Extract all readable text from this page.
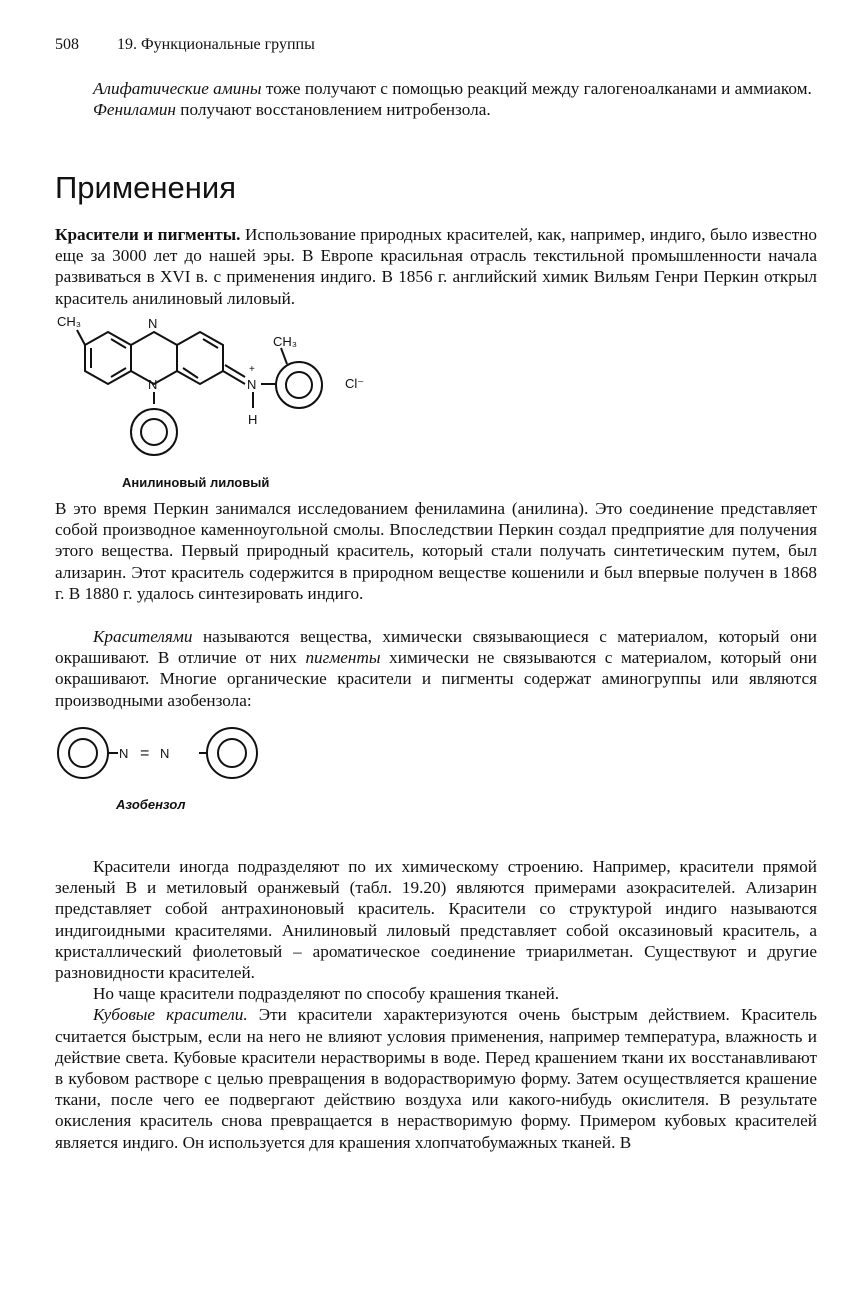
508 19. Функциональные группы

Алифатические амины тоже получают с помощью реакций между галогеноалканами и аммиаком.

Фениламин получают восстановлением нитробензола.

Применения

Красители и пигменты. Использование природных красителей, как, например, индиго, было известно еще за 3000 лет до нашей эры. В Европе красильная отрасль текстильной промышленности начала развиваться в XVI в. с применения индиго. В 1856 г. английский химик Вильям Генри Перкин открыл краситель анилиновый лиловый.

CH₃	N
N
CH₃
+
N
H
Cl⁻
Анилиновый лиловый

В это время Перкин занимался исследованием фениламина (анилина). Это соединение представляет собой производное каменноугольной смолы. Впоследствии Перкин создал предприятие для получения этого вещества. Первый природный краситель, который стали получать синтетическим путем, был ализарин. Этот краситель содержится в природном веществе кошенили и был впервые получен в 1868 г. В 1880 г. удалось синтезировать индиго.

Красителями называются вещества, химически связывающиеся с материалом, который они окрашивают. В отличие от них пигменты химически не связываются с материалом, который они окрашивают. Многие органические красители и пигменты содержат аминогруппы или являются производными азобензола:

N = N
Азобензол

Красители иногда подразделяют по их химическому строению. Например, красители прямой зеленый В и метиловый оранжевый (табл. 19.20) являются примерами азокрасителей. Ализарин представляет собой антрахиноновый краситель. Красители со структурой индиго называются индигоидными красителями. Анилиновый лиловый представляет собой оксазиновый краситель, а кристаллический фиолетовый – ароматическое соединение триарилметан. Существуют и другие разновидности красителей.

Но чаще красители подразделяют по способу крашения тканей.

Кубовые красители. Эти красители характеризуются очень быстрым действием. Краситель считается быстрым, если на него не влияют условия применения, например температура, влажность и действие света. Кубовые красители нерастворимы в воде. Перед крашением ткани их восстанавливают в кубовом растворе с целью превращения в водорастворимую форму. Затем осуществляется крашение ткани, после чего ее подвергают действию воздуха или какого-нибудь окислителя. В результате окисления краситель снова превращается в нерастворимую форму. Примером кубовых красителей является индиго. Он используется для крашения хлопчатобумажных тканей. В
